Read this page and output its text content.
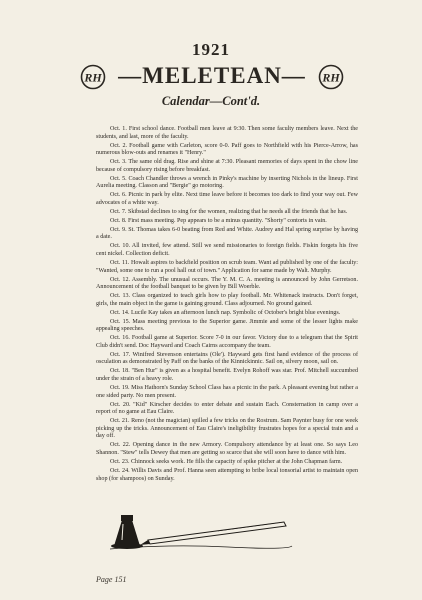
1921
RH —MELETEAN—	RH
Calendar—Cont'd.

Oct. 1. First school dance. Football men leave at 9:30. Then some faculty members leave. Next the students, and last, more of the faculty.

Oct. 2. Football game with Carleton, score 0-0. Paff goes to Northfield with his Pierce-Arrow, has numerous blow-outs and renames it "Henry."

Oct. 3. The same old drag. Rise and shine at 7:30. Pleasant memories of days spent in the chow line because of compulsory rising before breakfast.

Oct. 5. Coach Chandler throws a wrench in Pinky's machine by inserting Nichols in the lineup. First Aurelia meeting. Classon and "Bergie" go motoring.

Oct. 6. Picnic in park by elite. Next time leave before it becomes too dark to find your way out. Few advocates of a white way.

Oct. 7. Skibstad declines to sing for the women, realizing that he needs all the friends that he has.

Oct. 8. First mass meeting. Pep appears to be a minus quantity. "Shorty" contorts in vain.

Oct. 9. St. Thomas takes 6-0 beating from Red and White. Audrey and Hal spring surprise by having a date.

Oct. 10. All invited, few attend. Still we send missionaries to foreign fields. Fiskin forgets his five cent nickel. Collection deficit.

Oct. 11. Howalt aspires to backfield position on scrub team. Want ad published by one of the faculty: "Wanted, some one to run a pool hall out of town." Application for same made by Walt. Murphy.

Oct. 12. Assembly. The unusual occurs. The Y. M. C. A. meeting is announced by John Gerretson. Announcement of the football banquet to be given by Bill Woerble.

Oct. 13. Class organized to teach girls how to play football. Mr. Whitenack instructs. Don't forget, girls, the main object in the game is gaining ground. Class adjourned. No ground gained.

Oct. 14. Lucile Kay takes an afternoon lunch nap. Symbolic of October's bright blue evenings.

Oct. 15. Mass meeting previous to the Superior game. Jimmie and some of the lesser lights make appealing speeches.

Oct. 16. Football game at Superior. Score 7-0 in our favor. Victory due to a telegram that the Spirit Club didn't send. Doc Hayward and Coach Cairns accompany the team.

Oct. 17. Winifred Stevenson entertains (Ole'). Hayward gets first hand evidence of the process of osculation as demonstrated by Paff on the banks of the Kinnickinnic. Sail on, silvery moon, sail on.

Oct. 18. "Ben Hur" is given as a hospital benefit. Evelyn Rohoff was star. Prof. Mitchell succumbed under the strain of a heavy role.

Oct. 19. Miss Hathorn's Sunday School Class has a picnic in the park. A pleasant evening but rather a one sided party. No men present.

Oct. 20. "Kid" Kirscher decides to enter debate and sustain Each. Consternation in camp over a report of no game at Eau Claire.

Oct. 21. Reno (not the magician) spilled a few tricks on the Rostrum. Sam Paynter busy for one week picking up the tricks. Announcement of Eau Claire's ineligibility frustrates hopes for a special train and a day off.

Oct. 22. Opening dance in the new Armory. Compulsory attendance by at least one. So says Leo Shannon. "Stew" tells Dewey that men are getting so scarce that she will soon have to dance with him.

Oct. 23. Chinnock seeks work. He fills the capacity of spike pitcher at the John Chapman farm.

Oct. 24. Willis Davis and Prof. Hanna seen attempting to bribe local tonsorial artist to maintain open shop (for shampoos) on Sunday.

Page 151
